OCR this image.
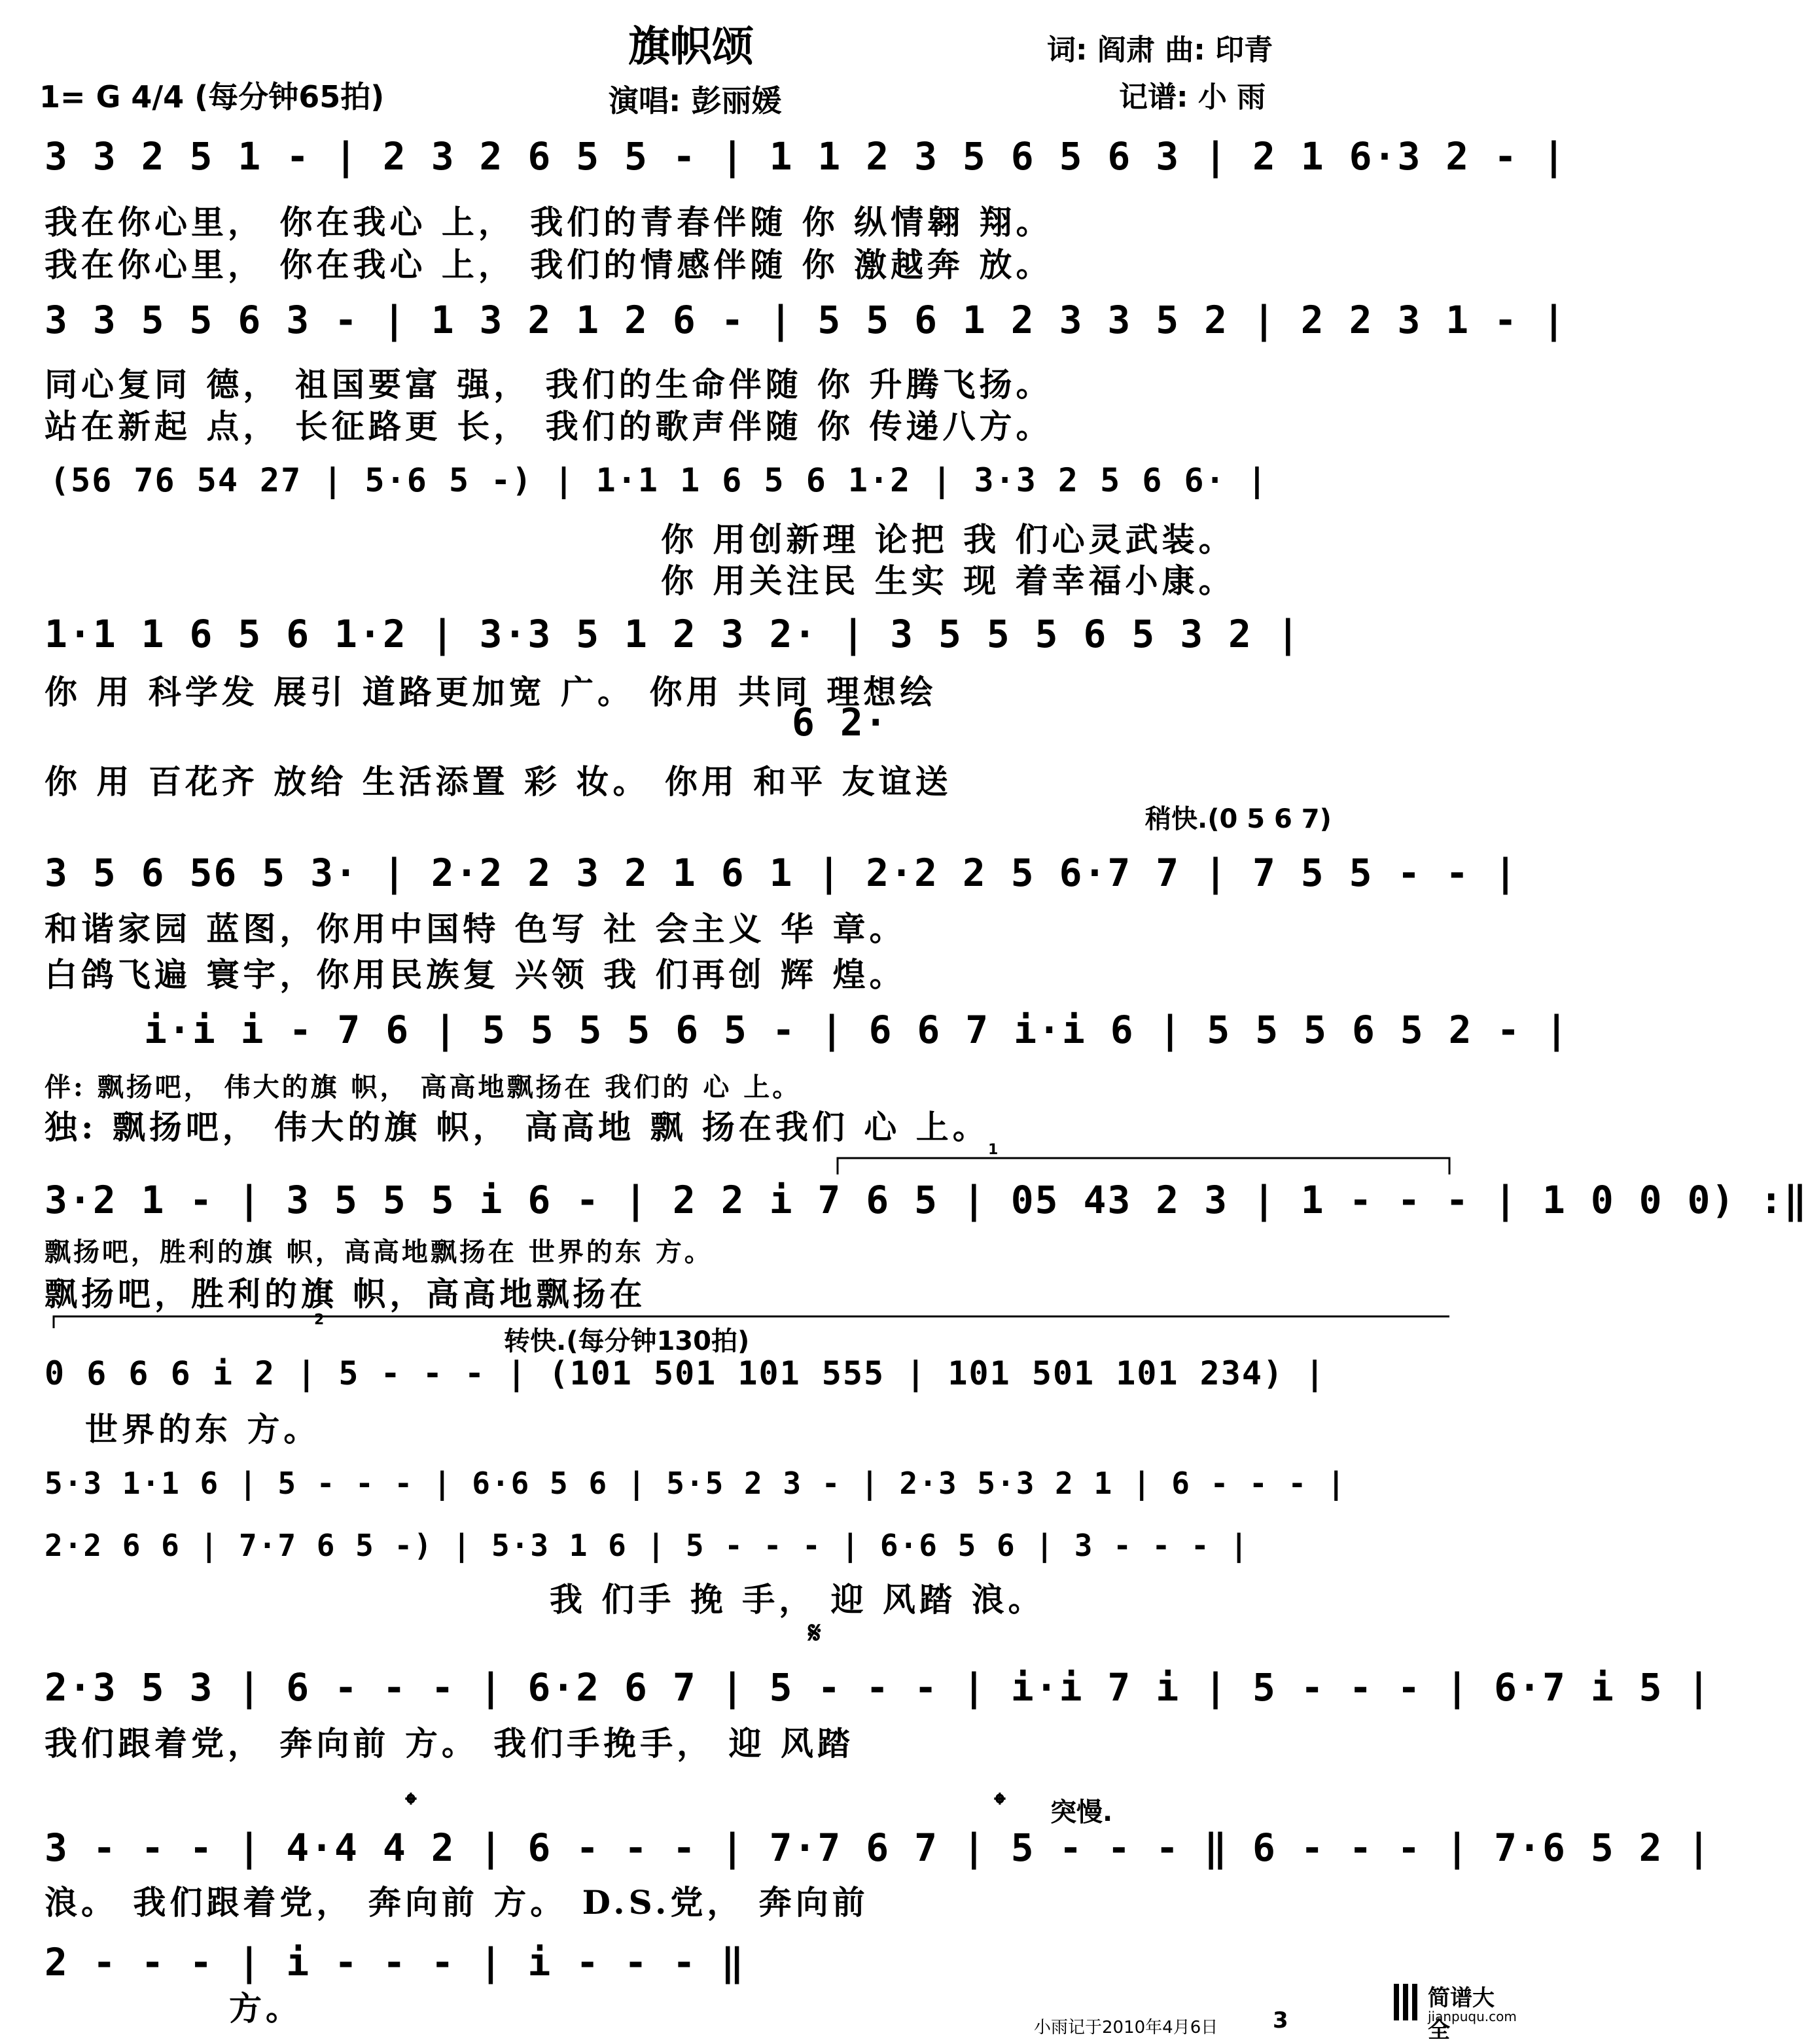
旗帜颂	词: 阎肃 曲: 印青
1= G 4/4 (每分钟65拍)	演唱: 彭丽媛	记谱: 小 雨
3 3 2 5 1 - | 2 3 2 6 5 5 - | 1 1 2 3 5 6 5 6 3 | 2 1 6·3 2 - |
我在你心里， 你在我心 上， 我们的青春伴随 你 纵情翱 翔。
我在你心里， 你在我心 上， 我们的情感伴随 你 激越奔 放。
3 3 5 5 6 3 - | 1 3 2 1 2 6 - | 5 5 6 1 2 3 3 5 2 | 2 2 3 1 - |
同心复同 德， 祖国要富 强， 我们的生命伴随 你 升腾飞扬。
站在新起 点， 长征路更 长， 我们的歌声伴随 你 传递八方。
(56 76 54 27 | 5·6 5 -) | 1·1 1 6 5 6 1·2 | 3·3 2 5 6 6· |
你 用创新理 论把 我 们心灵武装。
你 用关注民 生实 现 着幸福小康。
1·1 1 6 5 6 1·2 | 3·3 5 1 2 3 2· | 3 5 5 5 6 5 3 2 |
你 用 科学发 展引 道路更加宽 广。 你用 共同 理想绘
6 2·
你 用 百花齐 放给 生活添置 彩 妆。 你用 和平 友谊送
稍快.(0 5 6 7)
3 5 6 56 5 3· | 2·2 2 3 2 1 6 1 | 2·2 2 5 6·7 7 | 7 5 5 - - |
和谐家园 蓝图，你用中国特 色写 社 会主义 华 章。
白鸽飞遍 寰宇，你用民族复 兴领 我 们再创 辉 煌。
i·i i - 7 6 | 5 5 5 5 6 5 - | 6 6 7 i·i 6 | 5 5 5 6 5 2 - |
伴: 飘扬吧， 伟大的旗 帜， 高高地飘扬在 我们的 心 上。
独: 飘扬吧， 伟大的旗 帜， 高高地 飘 扬在我们 心 上。
3·2 1 - | 3 5 5 5 i 6 - | 2 2 i 7 6 5 | 05 43 2 3 | 1 - - - | 1 0 0 0) :‖
飘扬吧，胜利的旗 帜，高高地飘扬在 世界的东 方。
飘扬吧，胜利的旗 帜，高高地飘扬在
1
2
转快.(每分钟130拍)
0 6 6 6 i 2 | 5 - - - | (101 501 101 555 | 101 501 101 234) |
世界的东 方。
5·3 1·1 6 | 5 - - - | 6·6 5 6 | 5·5 2 3 - | 2·3 5·3 2 1 | 6 - - - |
2·2 6 6 | 7·7 6 5 -) | 5·3 1 6 | 5 - - - | 6·6 5 6 | 3 - - - |
我 们手 挽 手， 迎 风踏 浪。
𝄋
2·3 5 3 | 6 - - - | 6·2 6 7 | 5 - - - | i·i 7 i | 5 - - - | 6·7 i 5 |
我们跟着党， 奔向前 方。 我们手挽手， 迎 风踏
𝄌	𝄌 突慢.
3 - - - | 4·4 4 2 | 6 - - - | 7·7 6 7 | 5 - - - ‖ 6 - - - | 7·6 5 2 |
浪。 我们跟着党， 奔向前 方。 D.S.党， 奔向前
2 - - - | i - - - | i - - - ‖
方。	小雨记于2010年4月6日 3
简谱大全
jianpuqu.com
